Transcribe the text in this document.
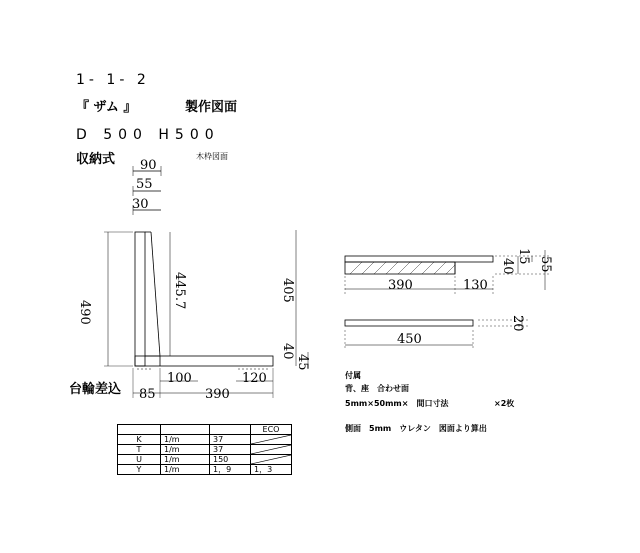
1- 1- 2
『 ザム 』	製作図面
D 500 H500
収納式	木枠図面
90
55
30
490
445.7	405
40
45
100	120
台輪差込 85	390
390	130
40
15 55
450
20
付属
背、座　合わせ面
5mm×50mm×　間口寸法	×2枚
側面　5mm　ウレタン　図面より算出
			ECO
K	1/m	37	

T	1/m	37	

U	1/m	150	

Y	1/m	1，9	1，3
